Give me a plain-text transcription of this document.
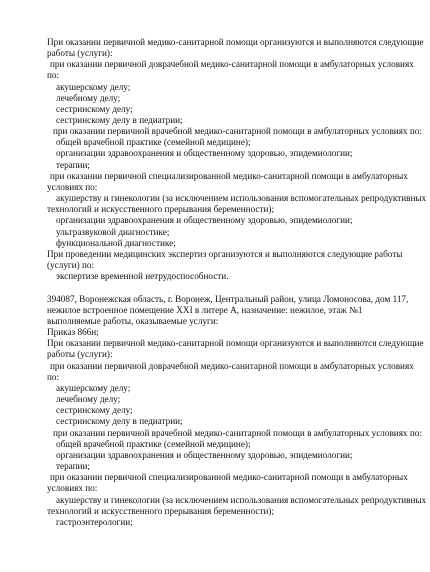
При оказании первичной медико-санитарной помощи организуются и выполняются следующие
работы (услуги):
при оказании первичной доврачебной медико-санитарной помощи в амбулаторных условиях
по:
акушерскому делу;
лечебному делу;
сестринскому делу;
сестринскому делу в педиатрии;
при оказании первичной врачебной медико-санитарной помощи в амбулаторных условиях по:
общей врачебной практике (семейной медицине);
организации здравоохранения и общественному здоровью, эпидемиологии;
терапии;
при оказании первичной специализированной медико-санитарной помощи в амбулаторных
условиях по:
акушерству и гинекологии (за исключением использования вспомогательных репродуктивных
технологий и искусственного прерывания беременности);
организации здравоохранения и общественному здоровью, эпидемиологии;
ультразвуковой диагностике;
функциональной диагностике;
При проведении медицинских экспертиз организуются и выполняются следующие работы
(услуги) по:
экспертизе временной нетрудоспособности.
394087, Воронежская область, г. Воронеж, Центральный район, улица Ломоносова, дом 117,
нежилое встроенное помещение XXI в литере А, назначение: нежилое, этаж №1
выполняемые работы, оказываемые услуги:
Приказ 866н;
При оказании первичной медико-санитарной помощи организуются и выполняются следующие
работы (услуги):
при оказании первичной доврачебной медико-санитарной помощи в амбулаторных условиях
по:
акушерскому делу;
лечебному делу;
сестринскому делу;
сестринскому делу в педиатрии;
при оказании первичной врачебной медико-санитарной помощи в амбулаторных условиях по:
общей врачебной практике (семейной медицине);
организации здравоохранения и общественному здоровью, эпидемиологии;
терапии;
при оказании первичной специализированной медико-санитарной помощи в амбулаторных
условиях по:
акушерству и гинекологии (за исключением использования вспомогательных репродуктивных
технологий и искусственного прерывания беременности);
гастроэнтерологии;
